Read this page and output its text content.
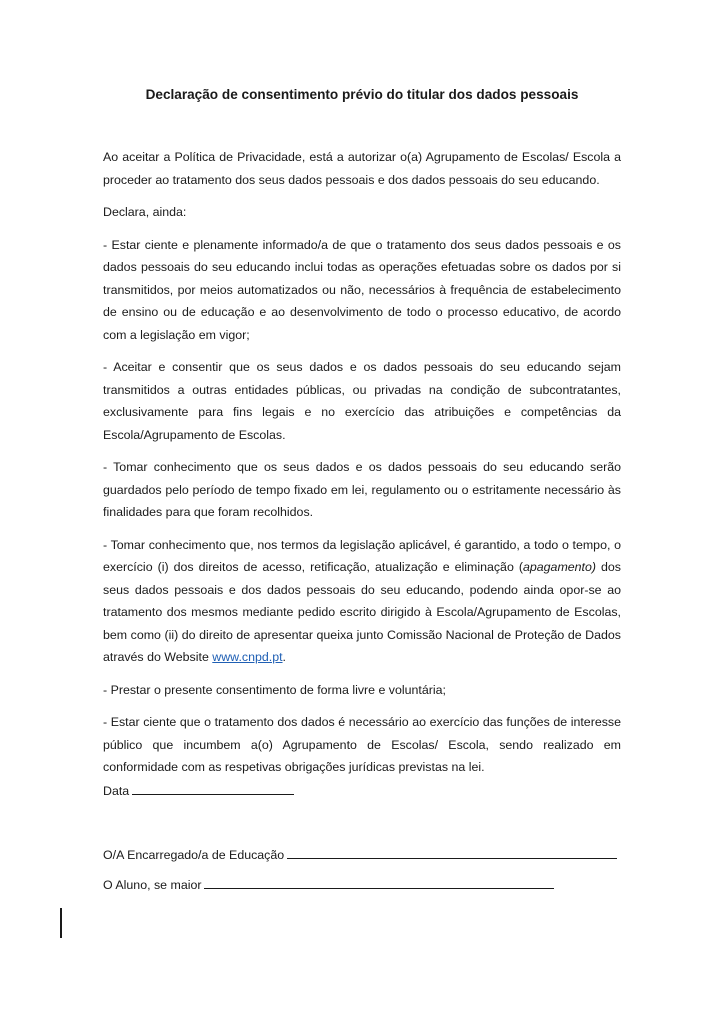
Declaração de consentimento prévio do titular dos dados pessoais

Ao aceitar a Política de Privacidade, está a autorizar o(a) Agrupamento de Escolas/ Escola a proceder ao tratamento dos seus dados pessoais e dos dados pessoais do seu educando.

Declara, ainda:

- Estar ciente e plenamente informado/a de que o tratamento dos seus dados pessoais e os dados pessoais do seu educando inclui todas as operações efetuadas sobre os dados por si transmitidos, por meios automatizados ou não, necessários à frequência de estabelecimento de ensino ou de educação e ao desenvolvimento de todo o processo educativo, de acordo com a legislação em vigor;

- Aceitar e consentir que os seus dados e os dados pessoais do seu educando sejam transmitidos a outras entidades públicas, ou privadas na condição de subcontratantes, exclusivamente para fins legais e no exercício das atribuições e competências da Escola/Agrupamento de Escolas.

- Tomar conhecimento que os seus dados e os dados pessoais do seu educando serão guardados pelo período de tempo fixado em lei, regulamento ou o estritamente necessário às finalidades para que foram recolhidos.

- Tomar conhecimento que, nos termos da legislação aplicável, é garantido, a todo o tempo, o exercício (i) dos direitos de acesso, retificação, atualização e eliminação (apagamento) dos seus dados pessoais e dos dados pessoais do seu educando, podendo ainda opor-se ao tratamento dos mesmos mediante pedido escrito dirigido à Escola/Agrupamento de Escolas, bem como (ii) do direito de apresentar queixa junto Comissão Nacional de Proteção de Dados através do Website www.cnpd.pt.

- Prestar o presente consentimento de forma livre e voluntária;

- Estar ciente que o tratamento dos dados é necessário ao exercício das funções de interesse público que incumbem a(o) Agrupamento de Escolas/ Escola, sendo realizado em conformidade com as respetivas obrigações jurídicas previstas na lei.

Data
O/A Encarregado/a de Educação
O Aluno, se maior
